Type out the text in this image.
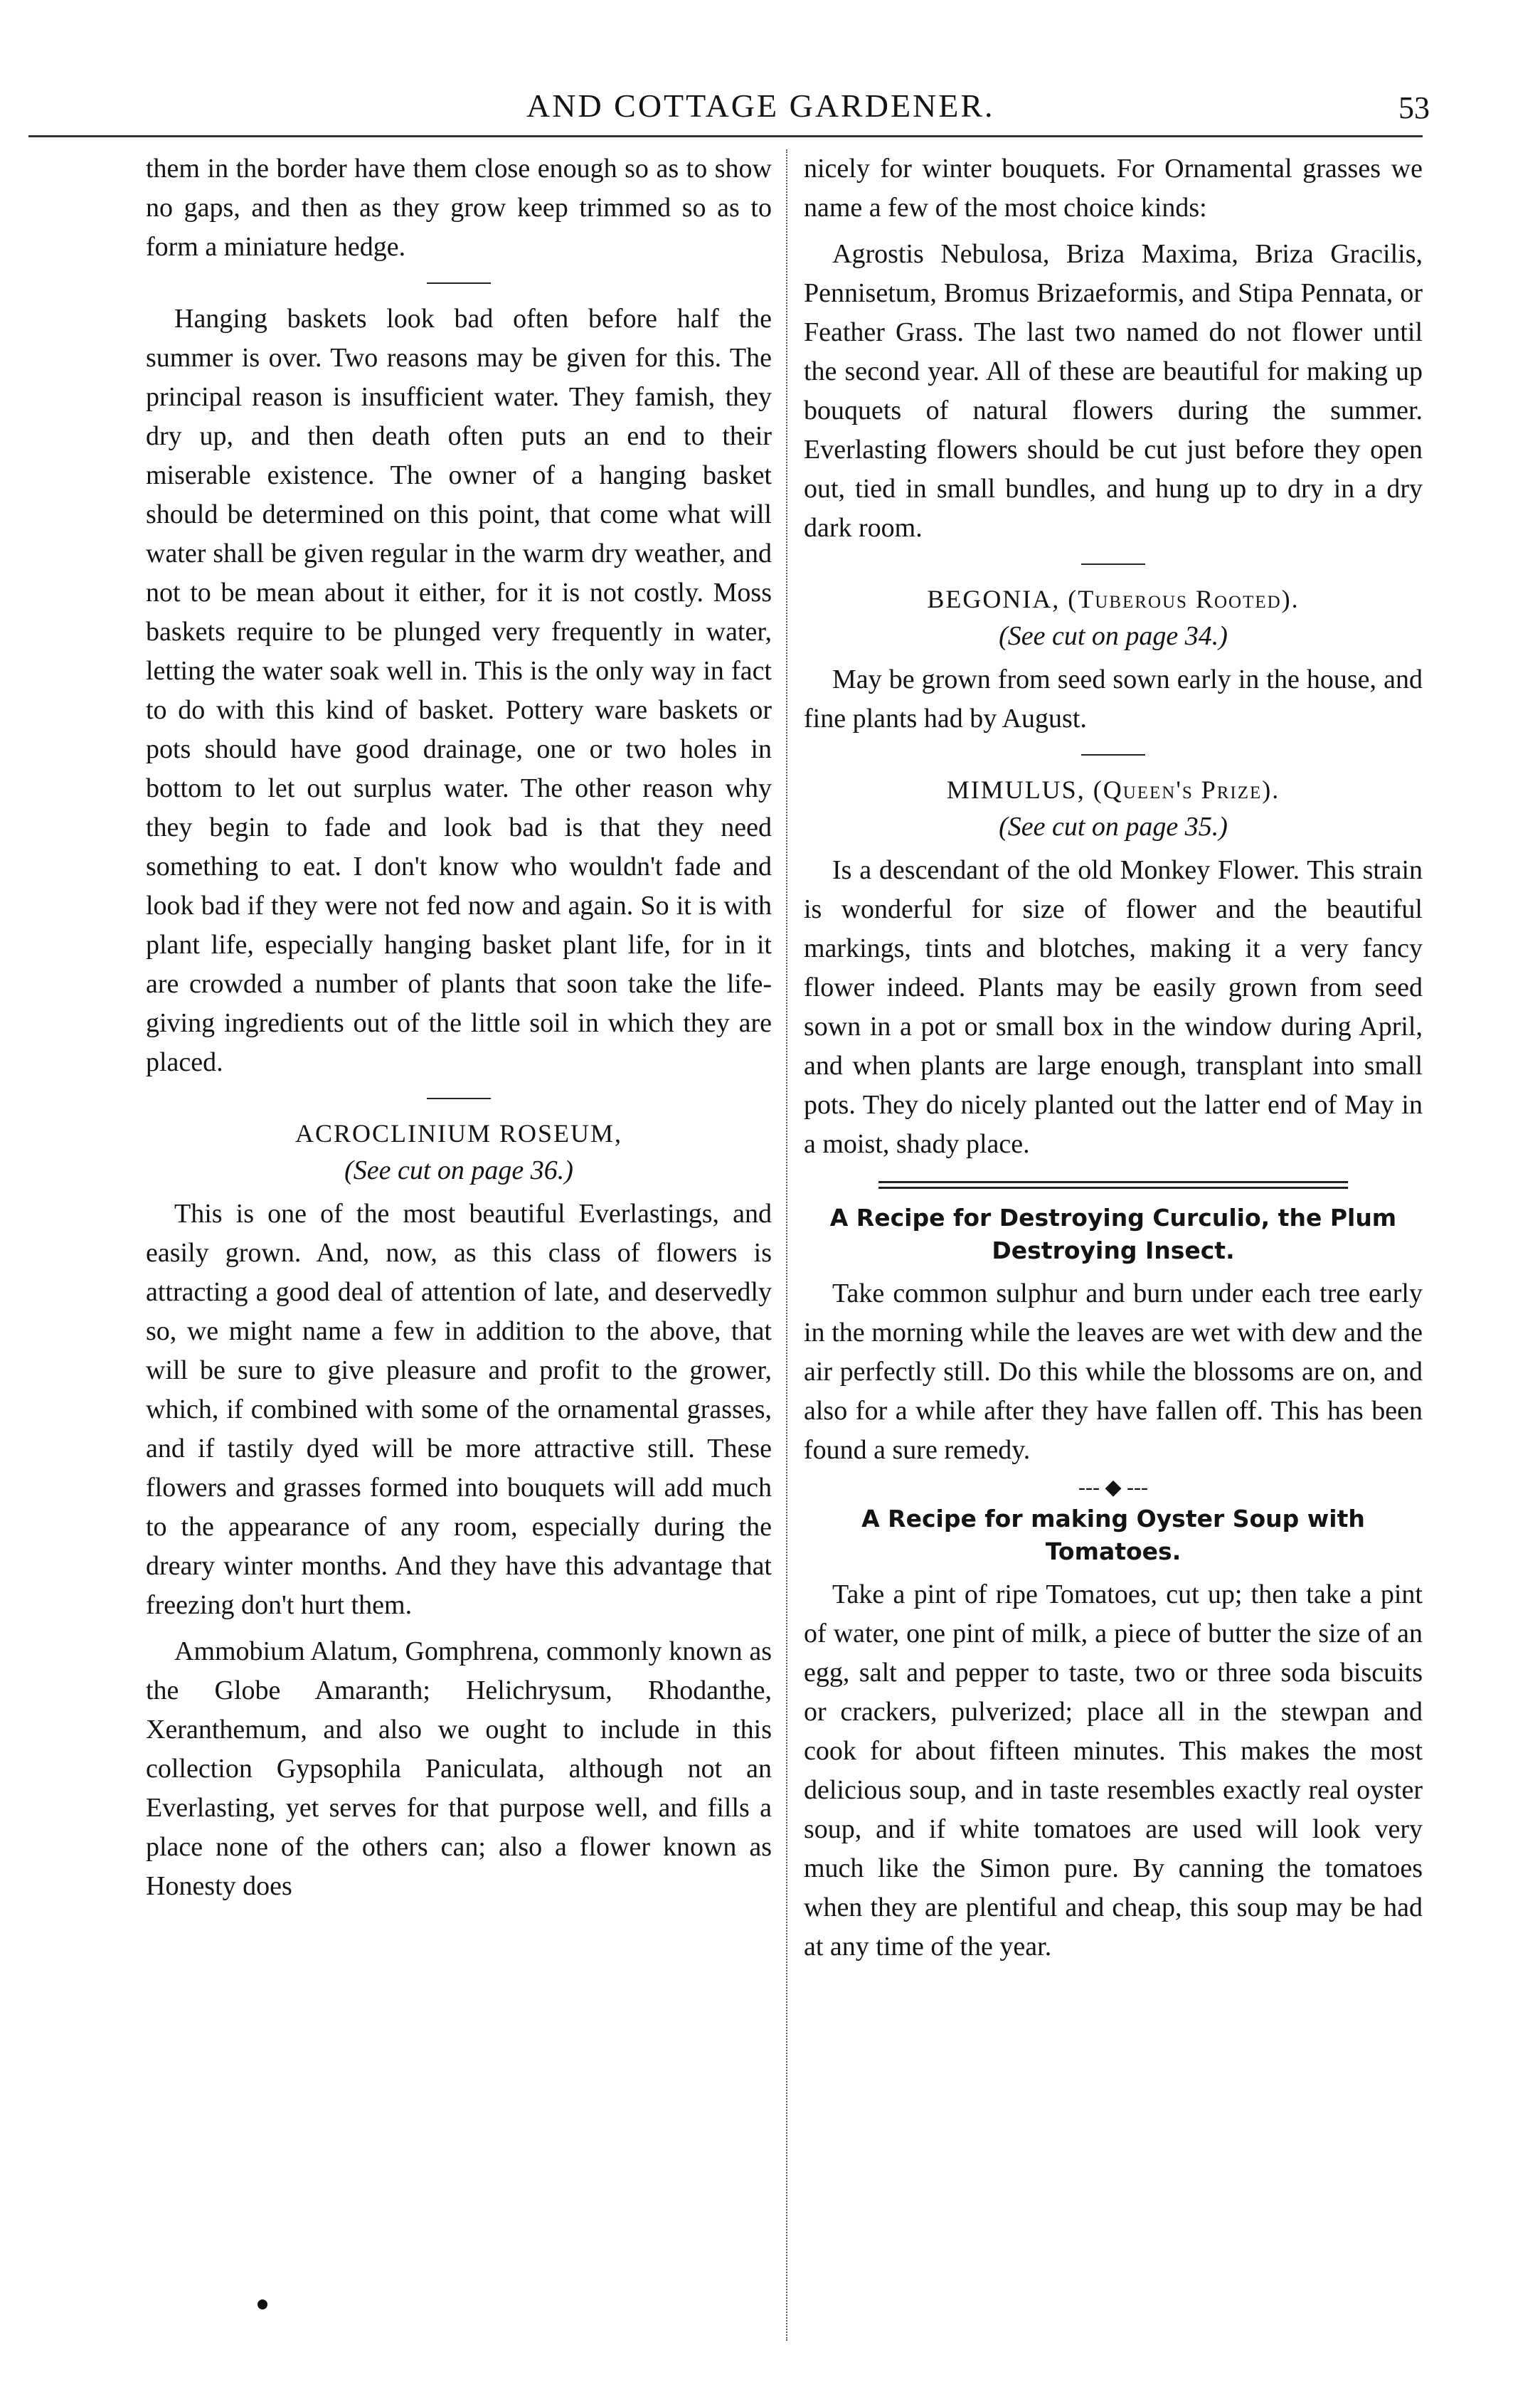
AND COTTAGE GARDENER.	53

them in the border have them close enough so as to show no gaps, and then as they grow keep trimmed so as to form a miniature hedge.

Hanging baskets look bad often before half the summer is over. Two reasons may be given for this. The principal reason is insufficient water. They famish, they dry up, and then death often puts an end to their miserable existence. The owner of a hanging basket should be determined on this point, that come what will water shall be given regular in the warm dry weather, and not to be mean about it either, for it is not costly. Moss baskets require to be plunged very frequently in water, letting the water soak well in. This is the only way in fact to do with this kind of basket. Pottery ware baskets or pots should have good drainage, one or two holes in bottom to let out surplus water. The other reason why they begin to fade and look bad is that they need something to eat. I don't know who wouldn't fade and look bad if they were not fed now and again. So it is with plant life, especially hanging basket plant life, for in it are crowded a number of plants that soon take the life-giving ingredients out of the little soil in which they are placed.

ACROCLINIUM ROSEUM,
(See cut on page 36.)

This is one of the most beautiful Everlastings, and easily grown. And, now, as this class of flowers is attracting a good deal of attention of late, and deservedly so, we might name a few in addition to the above, that will be sure to give pleasure and profit to the grower, which, if combined with some of the ornamental grasses, and if tastily dyed will be more attractive still. These flowers and grasses formed into bouquets will add much to the appearance of any room, especially during the dreary winter months. And they have this advantage that freezing don't hurt them.

Ammobium Alatum, Gomphrena, commonly known as the Globe Amaranth; Helichrysum, Rhodanthe, Xeranthemum, and also we ought to include in this collection Gypsophila Paniculata, although not an Everlasting, yet serves for that purpose well, and fills a place none of the others can; also a flower known as Honesty does

nicely for winter bouquets. For Ornamental grasses we name a few of the most choice kinds:

Agrostis Nebulosa, Briza Maxima, Briza Gracilis, Pennisetum, Bromus Brizaeformis, and Stipa Pennata, or Feather Grass. The last two named do not flower until the second year. All of these are beautiful for making up bouquets of natural flowers during the summer. Everlasting flowers should be cut just before they open out, tied in small bundles, and hung up to dry in a dry dark room.

BEGONIA, (Tuberous Rooted).
(See cut on page 34.)

May be grown from seed sown early in the house, and fine plants had by August.

MIMULUS, (Queen's Prize).
(See cut on page 35.)

Is a descendant of the old Monkey Flower. This strain is wonderful for size of flower and the beautiful markings, tints and blotches, making it a very fancy flower indeed. Plants may be easily grown from seed sown in a pot or small box in the window during April, and when plants are large enough, transplant into small pots. They do nicely planted out the latter end of May in a moist, shady place.

A Recipe for Destroying Curculio, the Plum Destroying Insect.

Take common sulphur and burn under each tree early in the morning while the leaves are wet with dew and the air perfectly still. Do this while the blossoms are on, and also for a while after they have fallen off. This has been found a sure remedy.

--- ◆ ---
A Recipe for making Oyster Soup with Tomatoes.

Take a pint of ripe Tomatoes, cut up; then take a pint of water, one pint of milk, a piece of butter the size of an egg, salt and pepper to taste, two or three soda biscuits or crackers, pulverized; place all in the stewpan and cook for about fifteen minutes. This makes the most delicious soup, and in taste resembles exactly real oyster soup, and if white tomatoes are used will look very much like the Simon pure. By canning the tomatoes when they are plentiful and cheap, this soup may be had at any time of the year.
